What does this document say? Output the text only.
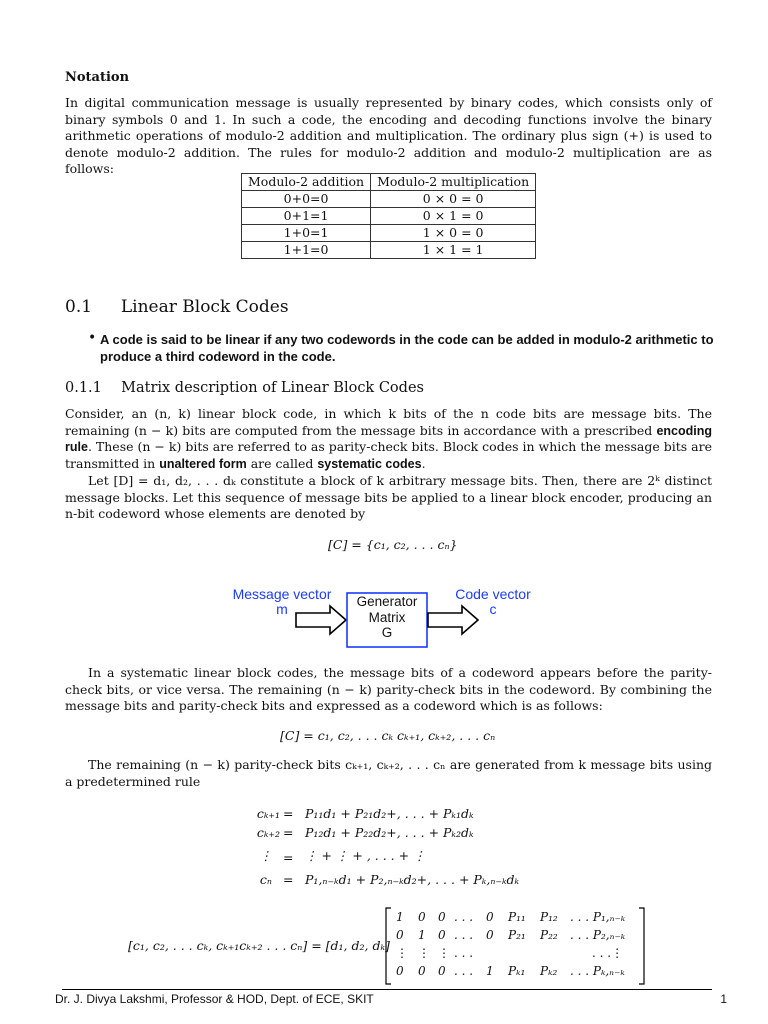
Notation
In digital communication message is usually represented by binary codes, which consists only of binary symbols 0 and 1. In such a code, the encoding and decoding functions involve the binary arithmetic operations of modulo-2 addition and multiplication. The ordinary plus sign (+) is used to denote modulo-2 addition. The rules for modulo-2 addition and modulo-2 multiplication are as follows:
Modulo-2 addition	Modulo-2 multiplication
0+0=0	0 × 0 = 0
0+1=1	0 × 1 = 0
1+0=1	1 × 0 = 0
1+1=0	1 × 1 = 1
0.1 Linear Block Codes
• A code is said to be linear if any two codewords in the code can be added in modulo-2 arithmetic to produce a third codeword in the code.
0.1.1 Matrix description of Linear Block Codes
Consider, an (n, k) linear block code, in which k bits of the n code bits are message bits. The remaining (n − k) bits are computed from the message bits in accordance with a prescribed encoding rule. These (n − k) bits are referred to as parity-check bits. Block codes in which the message bits are transmitted in unaltered form are called systematic codes.
Let [D] = d₁, d₂, . . . dₖ constitute a block of k arbitrary message bits. Then, there are 2ᵏ distinct message blocks. Let this sequence of message bits be applied to a linear block encoder, producing an n-bit codeword whose elements are denoted by
[C] = {c₁, c₂, . . . cₙ}
Message vector
m
Code vector
c
Generator
Matrix
G
In a systematic linear block codes, the message bits of a codeword appears before the parity-check bits, or vice versa. The remaining (n − k) parity-check bits in the codeword. By combining the message bits and parity-check bits and expressed as a codeword which is as follows:
[C] = c₁, c₂, . . . cₖ cₖ₊₁, cₖ₊₂, . . . cₙ
The remaining (n − k) parity-check bits cₖ₊₁, cₖ₊₂, . . . cₙ are generated from k message bits using a predetermined rule
cₖ₊₁ = P₁₁d₁ + P₂₁d₂+, . . . + Pₖ₁dₖ
cₖ₊₂ = P₁₂d₁ + P₂₂d₂+, . . . + Pₖ₂dₖ
⋮ = ⋮ + ⋮ + , . . . + ⋮
cₙ = P₁,ₙ₋ₖd₁ + P₂,ₙ₋ₖd₂+, . . . + Pₖ,ₙ₋ₖdₖ
[c₁, c₂, . . . cₖ, cₖ₊₁cₖ₊₂ . . . cₙ] = [d₁, d₂, dₖ]
1 0 0 . . . 0 P₁₁ P₁₂ . . . P₁,ₙ₋ₖ
0 1 0 . . . 0 P₂₁ P₂₂ . . . P₂,ₙ₋ₖ
⋮ ⋮ ⋮ . . .	. . .⋮
0 0 0 . . . 1 Pₖ₁ Pₖ₂ . . . Pₖ,ₙ₋ₖ
Dr. J. Divya Lakshmi, Professor & HOD, Dept. of ECE, SKIT	1
